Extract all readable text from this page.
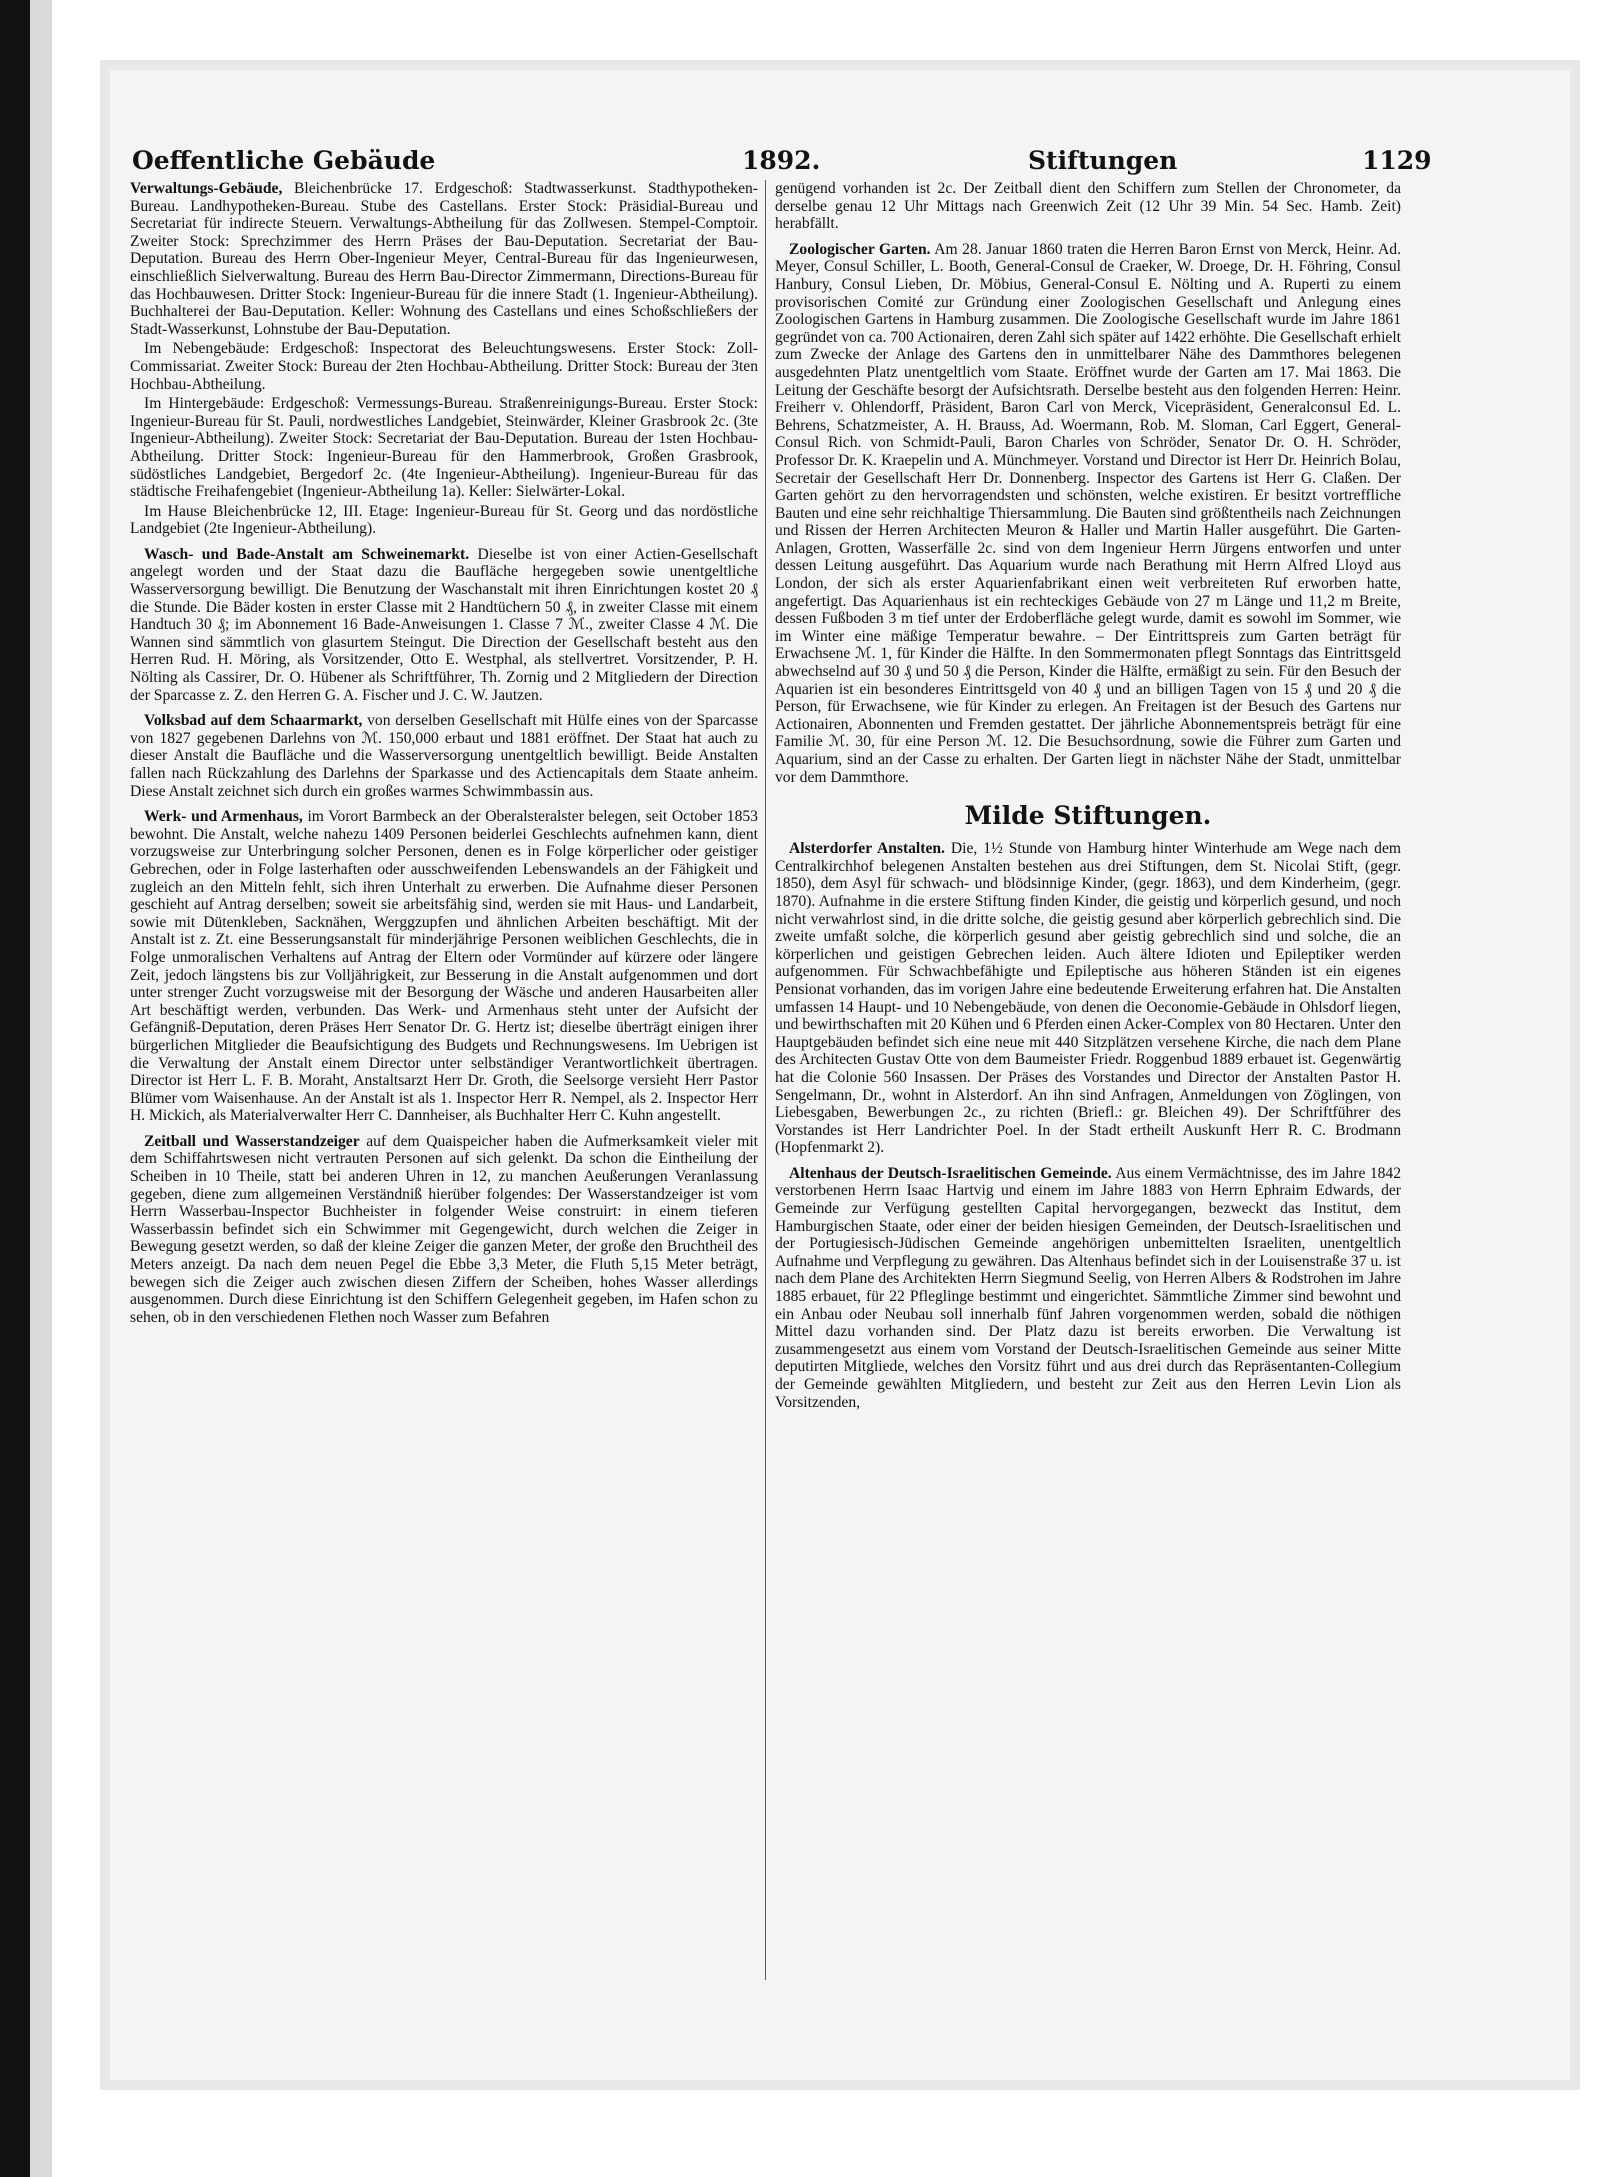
Oeffentliche Gebäude	1892.	Stiftungen	1129

Verwaltungs-Gebäude, Bleichenbrücke 17. Erdgeschoß: Stadtwasserkunst. Stadthypotheken-Bureau. Landhypotheken-Bureau. Stube des Castellans. Erster Stock: Präsidial-Bureau und Secretariat für indirecte Steuern. Verwaltungs-Abtheilung für das Zollwesen. Stempel-Comptoir. Zweiter Stock: Sprechzimmer des Herrn Präses der Bau-Deputation. Secretariat der Bau-Deputation. Bureau des Herrn Ober-Ingenieur Meyer, Central-Bureau für das Ingenieurwesen, einschließlich Sielverwaltung. Bureau des Herrn Bau-Director Zimmermann, Directions-Bureau für das Hochbauwesen. Dritter Stock: Ingenieur-Bureau für die innere Stadt (1. Ingenieur-Abtheilung). Buchhalterei der Bau-Deputation. Keller: Wohnung des Castellans und eines Schoßschließers der Stadt-Wasserkunst, Lohnstube der Bau-Deputation.

Im Nebengebäude: Erdgeschoß: Inspectorat des Beleuchtungswesens. Erster Stock: Zoll-Commissariat. Zweiter Stock: Bureau der 2ten Hochbau-Abtheilung. Dritter Stock: Bureau der 3ten Hochbau-Abtheilung.

Im Hintergebäude: Erdgeschoß: Vermessungs-Bureau. Straßenreinigungs-Bureau. Erster Stock: Ingenieur-Bureau für St. Pauli, nordwestliches Landgebiet, Steinwärder, Kleiner Grasbrook 2c. (3te Ingenieur-Abtheilung). Zweiter Stock: Secretariat der Bau-Deputation. Bureau der 1sten Hochbau-Abtheilung. Dritter Stock: Ingenieur-Bureau für den Hammerbrook, Großen Grasbrook, südöstliches Landgebiet, Bergedorf 2c. (4te Ingenieur-Abtheilung). Ingenieur-Bureau für das städtische Freihafengebiet (Ingenieur-Abtheilung 1a). Keller: Sielwärter-Lokal.

Im Hause Bleichenbrücke 12, III. Etage: Ingenieur-Bureau für St. Georg und das nordöstliche Landgebiet (2te Ingenieur-Abtheilung).

Wasch- und Bade-Anstalt am Schweinemarkt. Dieselbe ist von einer Actien-Gesellschaft angelegt worden und der Staat dazu die Baufläche hergegeben sowie unentgeltliche Wasserversorgung bewilligt. Die Benutzung der Waschanstalt mit ihren Einrichtungen kostet 20 ₰ die Stunde. Die Bäder kosten in erster Classe mit 2 Handtüchern 50 ₰, in zweiter Classe mit einem Handtuch 30 ₰; im Abonnement 16 Bade-Anweisungen 1. Classe 7 ℳ., zweiter Classe 4 ℳ. Die Wannen sind sämmtlich von glasurtem Steingut. Die Direction der Gesellschaft besteht aus den Herren Rud. H. Möring, als Vorsitzender, Otto E. Westphal, als stellvertret. Vorsitzender, P. H. Nölting als Cassirer, Dr. O. Hübener als Schriftführer, Th. Zornig und 2 Mitgliedern der Direction der Sparcasse z. Z. den Herren G. A. Fischer und J. C. W. Jautzen.

Volksbad auf dem Schaarmarkt, von derselben Gesellschaft mit Hülfe eines von der Sparcasse von 1827 gegebenen Darlehns von ℳ. 150,000 erbaut und 1881 eröffnet. Der Staat hat auch zu dieser Anstalt die Baufläche und die Wasserversorgung unentgeltlich bewilligt. Beide Anstalten fallen nach Rückzahlung des Darlehns der Sparkasse und des Actiencapitals dem Staate anheim. Diese Anstalt zeichnet sich durch ein großes warmes Schwimmbassin aus.

Werk- und Armenhaus, im Vorort Barmbeck an der Oberalsteralster belegen, seit October 1853 bewohnt. Die Anstalt, welche nahezu 1409 Personen beiderlei Geschlechts aufnehmen kann, dient vorzugsweise zur Unterbringung solcher Personen, denen es in Folge körperlicher oder geistiger Gebrechen, oder in Folge lasterhaften oder ausschweifenden Lebenswandels an der Fähigkeit und zugleich an den Mitteln fehlt, sich ihren Unterhalt zu erwerben. Die Aufnahme dieser Personen geschieht auf Antrag derselben; soweit sie arbeitsfähig sind, werden sie mit Haus- und Landarbeit, sowie mit Dütenkleben, Sacknähen, Werggzupfen und ähnlichen Arbeiten beschäftigt. Mit der Anstalt ist z. Zt. eine Besserungsanstalt für minderjährige Personen weiblichen Geschlechts, die in Folge unmoralischen Verhaltens auf Antrag der Eltern oder Vormünder auf kürzere oder längere Zeit, jedoch längstens bis zur Volljährigkeit, zur Besserung in die Anstalt aufgenommen und dort unter strenger Zucht vorzugsweise mit der Besorgung der Wäsche und anderen Hausarbeiten aller Art beschäftigt werden, verbunden. Das Werk- und Armenhaus steht unter der Aufsicht der Gefängniß-Deputation, deren Präses Herr Senator Dr. G. Hertz ist; dieselbe überträgt einigen ihrer bürgerlichen Mitglieder die Beaufsichtigung des Budgets und Rechnungswesens. Im Uebrigen ist die Verwaltung der Anstalt einem Director unter selbständiger Verantwortlichkeit übertragen. Director ist Herr L. F. B. Moraht, Anstaltsarzt Herr Dr. Groth, die Seelsorge versieht Herr Pastor Blümer vom Waisenhause. An der Anstalt ist als 1. Inspector Herr R. Nempel, als 2. Inspector Herr H. Mickich, als Materialverwalter Herr C. Dannheiser, als Buchhalter Herr C. Kuhn angestellt.

Zeitball und Wasserstandzeiger auf dem Quaispeicher haben die Aufmerksamkeit vieler mit dem Schiffahrtswesen nicht vertrauten Personen auf sich gelenkt. Da schon die Eintheilung der Scheiben in 10 Theile, statt bei anderen Uhren in 12, zu manchen Aeußerungen Veranlassung gegeben, diene zum allgemeinen Verständniß hierüber folgendes: Der Wasserstandzeiger ist vom Herrn Wasserbau-Inspector Buchheister in folgender Weise construirt: in einem tieferen Wasserbassin befindet sich ein Schwimmer mit Gegengewicht, durch welchen die Zeiger in Bewegung gesetzt werden, so daß der kleine Zeiger die ganzen Meter, der große den Bruchtheil des Meters anzeigt. Da nach dem neuen Pegel die Ebbe 3,3 Meter, die Fluth 5,15 Meter beträgt, bewegen sich die Zeiger auch zwischen diesen Ziffern der Scheiben, hohes Wasser allerdings ausgenommen. Durch diese Einrichtung ist den Schiffern Gelegenheit gegeben, im Hafen schon zu sehen, ob in den verschiedenen Flethen noch Wasser zum Befahren

genügend vorhanden ist 2c. Der Zeitball dient den Schiffern zum Stellen der Chronometer, da derselbe genau 12 Uhr Mittags nach Greenwich Zeit (12 Uhr 39 Min. 54 Sec. Hamb. Zeit) herabfällt.

Zoologischer Garten. Am 28. Januar 1860 traten die Herren Baron Ernst von Merck, Heinr. Ad. Meyer, Consul Schiller, L. Booth, General-Consul de Craeker, W. Droege, Dr. H. Föhring, Consul Hanbury, Consul Lieben, Dr. Möbius, General-Consul E. Nölting und A. Ruperti zu einem provisorischen Comité zur Gründung einer Zoologischen Gesellschaft und Anlegung eines Zoologischen Gartens in Hamburg zusammen. Die Zoologische Gesellschaft wurde im Jahre 1861 gegründet von ca. 700 Actionairen, deren Zahl sich später auf 1422 erhöhte. Die Gesellschaft erhielt zum Zwecke der Anlage des Gartens den in unmittelbarer Nähe des Dammthores belegenen ausgedehnten Platz unentgeltlich vom Staate. Eröffnet wurde der Garten am 17. Mai 1863. Die Leitung der Geschäfte besorgt der Aufsichtsrath. Derselbe besteht aus den folgenden Herren: Heinr. Freiherr v. Ohlendorff, Präsident, Baron Carl von Merck, Vicepräsident, Generalconsul Ed. L. Behrens, Schatzmeister, A. H. Brauss, Ad. Woermann, Rob. M. Sloman, Carl Eggert, General-Consul Rich. von Schmidt-Pauli, Baron Charles von Schröder, Senator Dr. O. H. Schröder, Professor Dr. K. Kraepelin und A. Münchmeyer. Vorstand und Director ist Herr Dr. Heinrich Bolau, Secretair der Gesellschaft Herr Dr. Donnenberg. Inspector des Gartens ist Herr G. Claßen. Der Garten gehört zu den hervorragendsten und schönsten, welche existiren. Er besitzt vortreffliche Bauten und eine sehr reichhaltige Thiersammlung. Die Bauten sind größtentheils nach Zeichnungen und Rissen der Herren Architecten Meuron & Haller und Martin Haller ausgeführt. Die Garten-Anlagen, Grotten, Wasserfälle 2c. sind von dem Ingenieur Herrn Jürgens entworfen und unter dessen Leitung ausgeführt. Das Aquarium wurde nach Berathung mit Herrn Alfred Lloyd aus London, der sich als erster Aquarienfabrikant einen weit verbreiteten Ruf erworben hatte, angefertigt. Das Aquarienhaus ist ein rechteckiges Gebäude von 27 m Länge und 11,2 m Breite, dessen Fußboden 3 m tief unter der Erdoberfläche gelegt wurde, damit es sowohl im Sommer, wie im Winter eine mäßige Temperatur bewahre. – Der Eintrittspreis zum Garten beträgt für Erwachsene ℳ. 1, für Kinder die Hälfte. In den Sommermonaten pflegt Sonntags das Eintrittsgeld abwechselnd auf 30 ₰ und 50 ₰ die Person, Kinder die Hälfte, ermäßigt zu sein. Für den Besuch der Aquarien ist ein besonderes Eintrittsgeld von 40 ₰ und an billigen Tagen von 15 ₰ und 20 ₰ die Person, für Erwachsene, wie für Kinder zu erlegen. An Freitagen ist der Besuch des Gartens nur Actionairen, Abonnenten und Fremden gestattet. Der jährliche Abonnementspreis beträgt für eine Familie ℳ. 30, für eine Person ℳ. 12. Die Besuchsordnung, sowie die Führer zum Garten und Aquarium, sind an der Casse zu erhalten. Der Garten liegt in nächster Nähe der Stadt, unmittelbar vor dem Dammthore.

Milde Stiftungen.

Alsterdorfer Anstalten. Die, 1½ Stunde von Hamburg hinter Winterhude am Wege nach dem Centralkirchhof belegenen Anstalten bestehen aus drei Stiftungen, dem St. Nicolai Stift, (gegr. 1850), dem Asyl für schwach- und blödsinnige Kinder, (gegr. 1863), und dem Kinderheim, (gegr. 1870). Aufnahme in die erstere Stiftung finden Kinder, die geistig und körperlich gesund, und noch nicht verwahrlost sind, in die dritte solche, die geistig gesund aber körperlich gebrechlich sind. Die zweite umfaßt solche, die körperlich gesund aber geistig gebrechlich sind und solche, die an körperlichen und geistigen Gebrechen leiden. Auch ältere Idioten und Epileptiker werden aufgenommen. Für Schwachbefähigte und Epileptische aus höheren Ständen ist ein eigenes Pensionat vorhanden, das im vorigen Jahre eine bedeutende Erweiterung erfahren hat. Die Anstalten umfassen 14 Haupt- und 10 Nebengebäude, von denen die Oeconomie-Gebäude in Ohlsdorf liegen, und bewirthschaften mit 20 Kühen und 6 Pferden einen Acker-Complex von 80 Hectaren. Unter den Hauptgebäuden befindet sich eine neue mit 440 Sitzplätzen versehene Kirche, die nach dem Plane des Architecten Gustav Otte von dem Baumeister Friedr. Roggenbud 1889 erbauet ist. Gegenwärtig hat die Colonie 560 Insassen. Der Präses des Vorstandes und Director der Anstalten Pastor H. Sengelmann, Dr., wohnt in Alsterdorf. An ihn sind Anfragen, Anmeldungen von Zöglingen, von Liebesgaben, Bewerbungen 2c., zu richten (Briefl.: gr. Bleichen 49). Der Schriftführer des Vorstandes ist Herr Landrichter Poel. In der Stadt ertheilt Auskunft Herr R. C. Brodmann (Hopfenmarkt 2).

Altenhaus der Deutsch-Israelitischen Gemeinde. Aus einem Vermächtnisse, des im Jahre 1842 verstorbenen Herrn Isaac Hartvig und einem im Jahre 1883 von Herrn Ephraim Edwards, der Gemeinde zur Verfügung gestellten Capital hervorgegangen, bezweckt das Institut, dem Hamburgischen Staate, oder einer der beiden hiesigen Gemeinden, der Deutsch-Israelitischen und der Portugiesisch-Jüdischen Gemeinde angehörigen unbemittelten Israeliten, unentgeltlich Aufnahme und Verpflegung zu gewähren. Das Altenhaus befindet sich in der Louisenstraße 37 u. ist nach dem Plane des Architekten Herrn Siegmund Seelig, von Herren Albers & Rodstrohen im Jahre 1885 erbauet, für 22 Pfleglinge bestimmt und eingerichtet. Sämmtliche Zimmer sind bewohnt und ein Anbau oder Neubau soll innerhalb fünf Jahren vorgenommen werden, sobald die nöthigen Mittel dazu vorhanden sind. Der Platz dazu ist bereits erworben. Die Verwaltung ist zusammengesetzt aus einem vom Vorstand der Deutsch-Israelitischen Gemeinde aus seiner Mitte deputirten Mitgliede, welches den Vorsitz führt und aus drei durch das Repräsentanten-Collegium der Gemeinde gewählten Mitgliedern, und besteht zur Zeit aus den Herren Levin Lion als Vorsitzenden,
